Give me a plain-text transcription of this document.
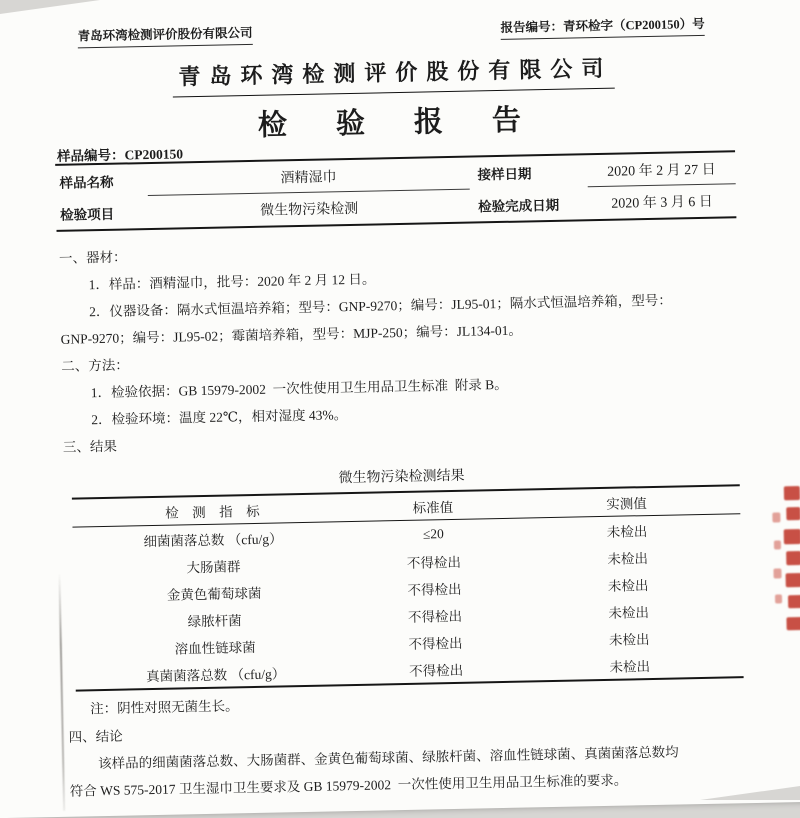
青岛环湾检测评价股份有限公司	报告编号：青环检字（CP200150）号
青岛环湾检测评价股份有限公司
检　验　报　告
样品编号：CP200150
样品名称	酒精湿巾	接样日期	2020 年 2 月 27 日
检验项目	微生物污染检测	检验完成日期	2020 年 3 月 6 日
一、器材：
1．样品：酒精湿巾，批号：2020 年 2 月 12 日。
2．仪器设备：隔水式恒温培养箱；型号：GNP-9270；编号：JL95-01；隔水式恒温培养箱，型号：
GNP-9270；编号：JL95-02；霉菌培养箱，型号：MJP-250；编号：JL134-01。
二、方法：
1．检验依据：GB 15979-2002  一次性使用卫生用品卫生标准  附录 B。
2．检验环境：温度 22℃，相对湿度 43%。
三、结果
微生物污染检测结果
检　测　指　标	标准值	实测值
细菌菌落总数 （cfu/g）	≤20	未检出
大肠菌群	不得检出	未检出
金黄色葡萄球菌	不得检出	未检出
绿脓杆菌	不得检出	未检出
溶血性链球菌	不得检出	未检出
真菌菌落总数 （cfu/g）	不得检出	未检出
注：阴性对照无菌生长。
四、结论
该样品的细菌菌落总数、大肠菌群、金黄色葡萄球菌、绿脓杆菌、溶血性链球菌、真菌菌落总数均
符合 WS 575-2017 卫生湿巾卫生要求及 GB 15979-2002  一次性使用卫生用品卫生标准的要求。
